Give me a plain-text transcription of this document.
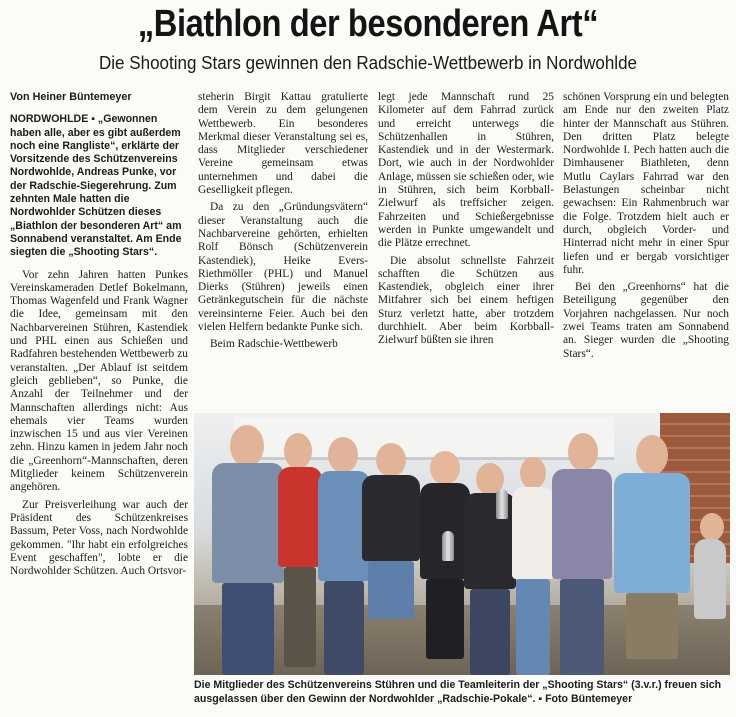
„Biathlon der besonderen Art“
Die Shooting Stars gewinnen den Radschie-Wettbewerb in Nordwohlde
Von Heiner Büntemeyer
NORDWOHLDE ▪ „Gewonnen haben alle, aber es gibt außerdem noch eine Rangliste“, erklärte der Vorsitzende des Schützenvereins Nordwohlde, Andreas Punke, vor der Radschie-Siegerehrung. Zum zehnten Male hatten die Nordwohlder Schützen dieses „Biathlon der besonderen Art“ am Sonnabend veranstaltet. Am Ende siegten die „Shooting Stars“.

Vor zehn Jahren hatten Punkes Vereinskameraden Detlef Bokelmann, Thomas Wagenfeld und Frank Wagner die Idee, gemeinsam mit den Nachbarvereinen Stühren, Kastendiek und PHL einen aus Schießen und Radfahren bestehenden Wettbewerb zu veranstalten. „Der Ablauf ist seitdem gleich geblieben“, so Punke, die Anzahl der Teilnehmer und der Mannschaften allerdings nicht: Aus ehemals vier Teams wurden inzwischen 15 und aus vier Vereinen zehn. Hinzu kamen in jedem Jahr noch die „Greenhorn“-Mannschaften, deren Mitglieder keinem Schützenverein angehören.

Zur Preisverleihung war auch der Präsident des Schützenkreises Bassum, Peter Voss, nach Nordwohlde gekommen. "Ihr habt ein erfolgreiches Event geschaffen", lobte er die Nordwohlder Schützen. Auch Ortsvor-

steherin Birgit Kattau gratulierte dem Verein zu dem gelungenen Wettbewerb. Ein besonderes Merkmal dieser Veranstaltung sei es, dass Mitglieder verschiedener Vereine gemeinsam etwas unternehmen und dabei die Geselligkeit pflegen.

Da zu den „Gründungsvätern“ dieser Veranstaltung auch die Nachbarvereine gehörten, erhielten Rolf Bönsch (Schützenverein Kastendiek), Heike Evers-Riethmöller (PHL) und Manuel Dierks (Stühren) jeweils einen Getränkegutschein für die nächste vereinsinterne Feier. Auch bei den vielen Helfern bedankte Punke sich.

Beim Radschie-Wettbewerb

legt jede Mannschaft rund 25 Kilometer auf dem Fahrrad zurück und erreicht unterwegs die Schützenhallen in Stühren, Kastendiek und in der Westermark. Dort, wie auch in der Nordwohlder Anlage, müssen sie schießen oder, wie in Stühren, sich beim Korbball-Zielwurf als treffsicher zeigen. Fahrzeiten und Schießergebnisse werden in Punkte umgewandelt und die Plätze errechnet.

Die absolut schnellste Fahrzeit schafften die Schützen aus Kastendiek, obgleich einer ihrer Mitfahrer sich bei einem heftigen Sturz verletzt hatte, aber trotzdem durchhielt. Aber beim Korbball-Zielwurf büßten sie ihren

schönen Vorsprung ein und belegten am Ende nur den zweiten Platz hinter der Mannschaft aus Stühren. Den dritten Platz belegte Nordwohlde I. Pech hatten auch die Dimhausener Biathleten, denn Mutlu Caylars Fahrrad war den Belastungen scheinbar nicht gewachsen: Ein Rahmenbruch war die Folge. Trotzdem hielt auch er durch, obgleich Vorder- und Hinterrad nicht mehr in einer Spur liefen und er bergab vorsichtiger fuhr.

Bei den „Greenhorns“ hat die Beteiligung gegenüber den Vorjahren nachgelassen. Nur noch zwei Teams traten am Sonnabend an. Sieger wurden die „Shooting Stars“.

Die Mitglieder des Schützenvereins Stühren und die Teamleiterin der „Shooting Stars“ (3.v.r.) freuen sich ausgelassen über den Gewinn der Nordwohlder „Radschie-Pokale“. ▪ Foto Büntemeyer
